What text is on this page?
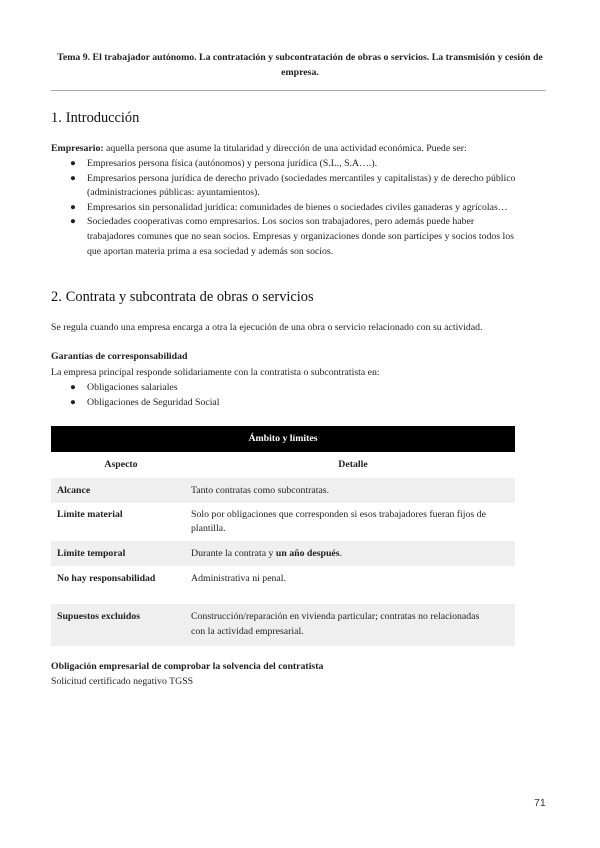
Tema 9. El trabajador autónomo. La contratación y subcontratación de obras o servicios. La transmisión y cesión de empresa.
1. Introducción
Empresario: aquella persona que asume la titularidad y dirección de una actividad económica. Puede ser:
● Empresarios persona física (autónomos) y persona jurídica (S.L., S.A….).
● Empresarios persona jurídica de derecho privado (sociedades mercantiles y capitalistas) y de derecho público (administraciones públicas: ayuntamientos).
● Empresarios sin personalidad jurídica: comunidades de bienes o sociedades civiles ganaderas y agrícolas…
● Sociedades cooperativas como empresarios. Los socios son trabajadores, pero además puede haber trabajadores comunes que no sean socios. Empresas y organizaciones donde son partícipes y socios todos los que aportan materia prima a esa sociedad y además son socios.
2. Contrata y subcontrata de obras o servicios
Se regula cuando una empresa encarga a otra la ejecución de una obra o servicio relacionado con su actividad.
Garantías de corresponsabilidad
La empresa principal responde solidariamente con la contratista o subcontratista en:
● Obligaciones salariales
● Obligaciones de Seguridad Social
Ámbito y límites
Aspecto	Detalle
Alcance	Tanto contratas como subcontratas.
Límite material	Solo por obligaciones que corresponden si esos trabajadores fueran fijos de plantilla.
Límite temporal	Durante la contrata y un año después.
No hay responsabilidad	Administrativa ni penal.
Supuestos excluidos	Construcción/reparación en vivienda particular; contratas no relacionadas con la actividad empresarial.
Obligación empresarial de comprobar la solvencia del contratista
Solicitud certificado negativo TGSS
71
